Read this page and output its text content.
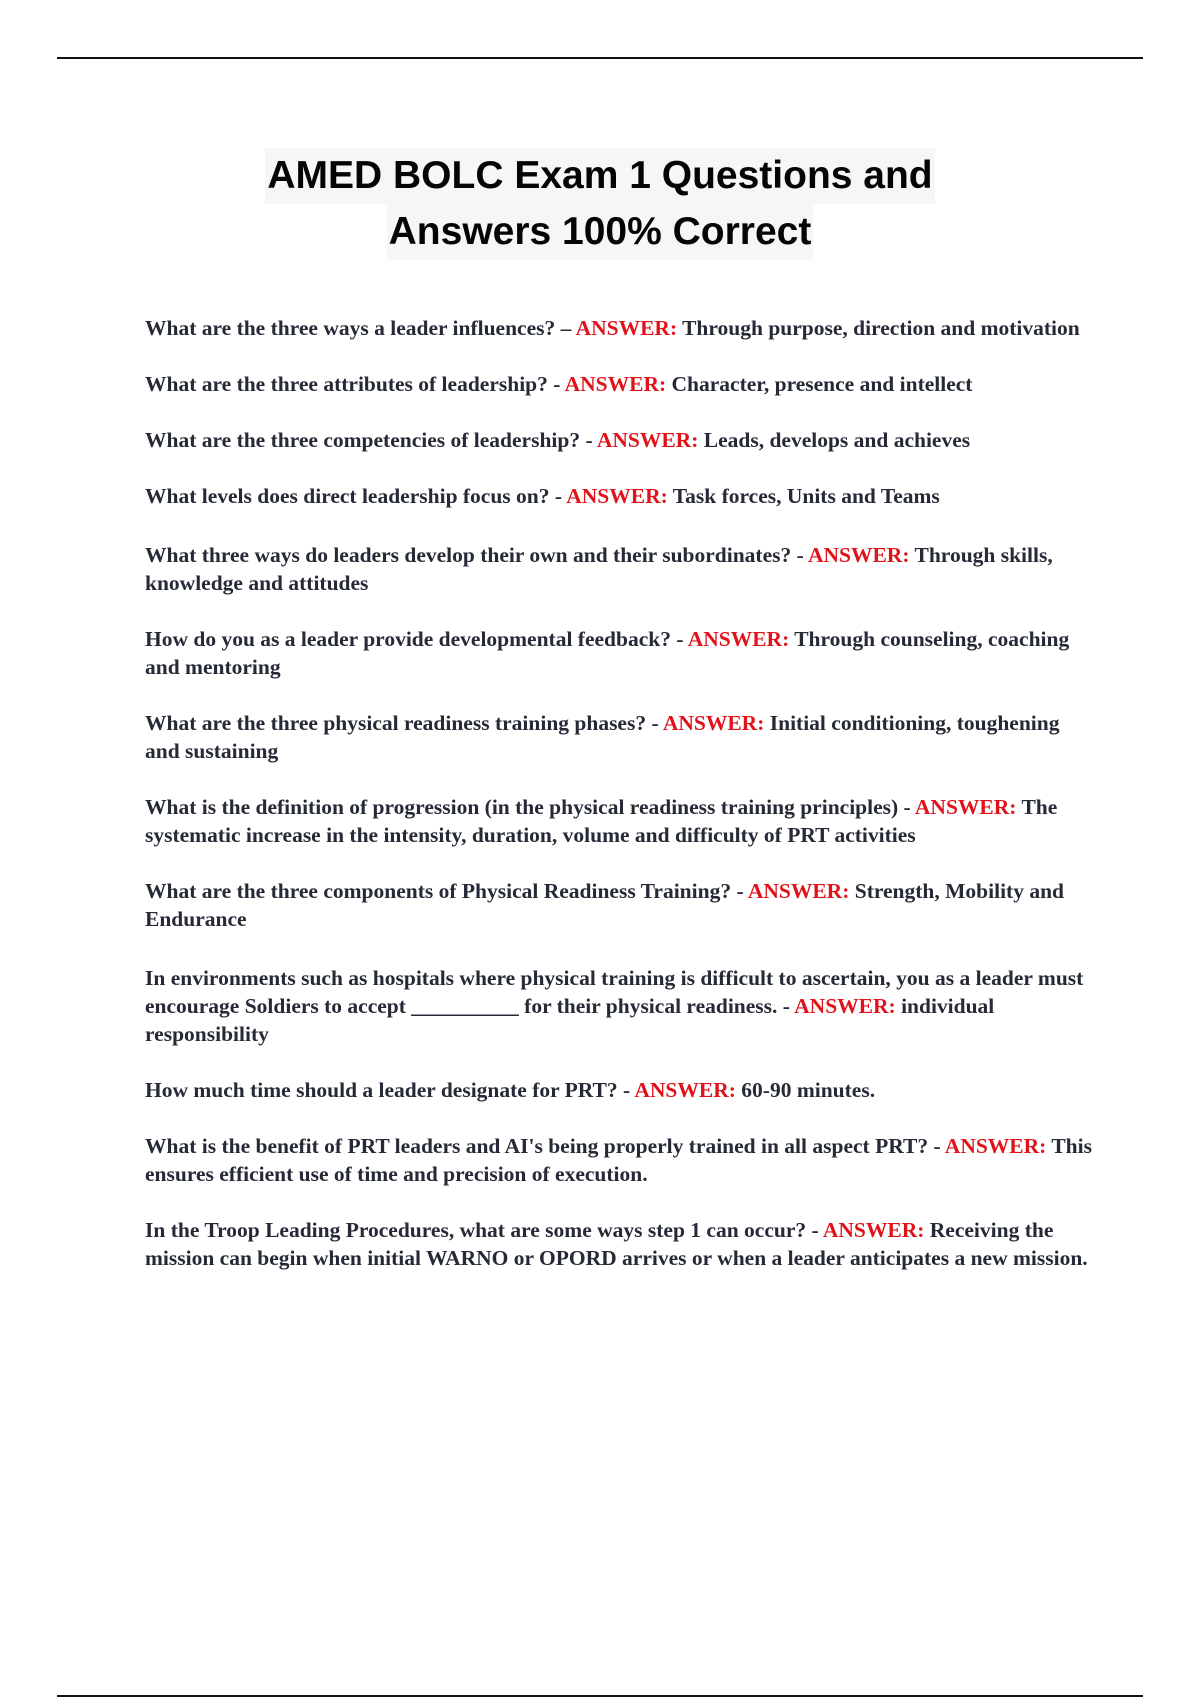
AMED BOLC Exam 1 Questions and
Answers 100% Correct

What are the three ways a leader influences? – ANSWER: Through purpose, direction and motivation

What are the three attributes of leadership? - ANSWER: Character, presence and intellect

What are the three competencies of leadership? - ANSWER: Leads, develops and achieves

What levels does direct leadership focus on? - ANSWER: Task forces, Units and Teams

What three ways do leaders develop their own and their subordinates? - ANSWER: Through skills, knowledge and attitudes

How do you as a leader provide developmental feedback? - ANSWER: Through counseling, coaching and mentoring

What are the three physical readiness training phases? - ANSWER: Initial conditioning, toughening and sustaining

What is the definition of progression (in the physical readiness training principles) - ANSWER: The systematic increase in the intensity, duration, volume and difficulty of PRT activities

What are the three components of Physical Readiness Training? - ANSWER: Strength, Mobility and Endurance

In environments such as hospitals where physical training is difficult to ascertain, you as a leader must encourage Soldiers to accept __________ for their physical readiness. - ANSWER: individual responsibility

How much time should a leader designate for PRT? - ANSWER: 60-90 minutes.

What is the benefit of PRT leaders and AI's being properly trained in all aspect PRT? - ANSWER: This ensures efficient use of time and precision of execution.

In the Troop Leading Procedures, what are some ways step 1 can occur? - ANSWER: Receiving the mission can begin when initial WARNO or OPORD arrives or when a leader anticipates a new mission.
